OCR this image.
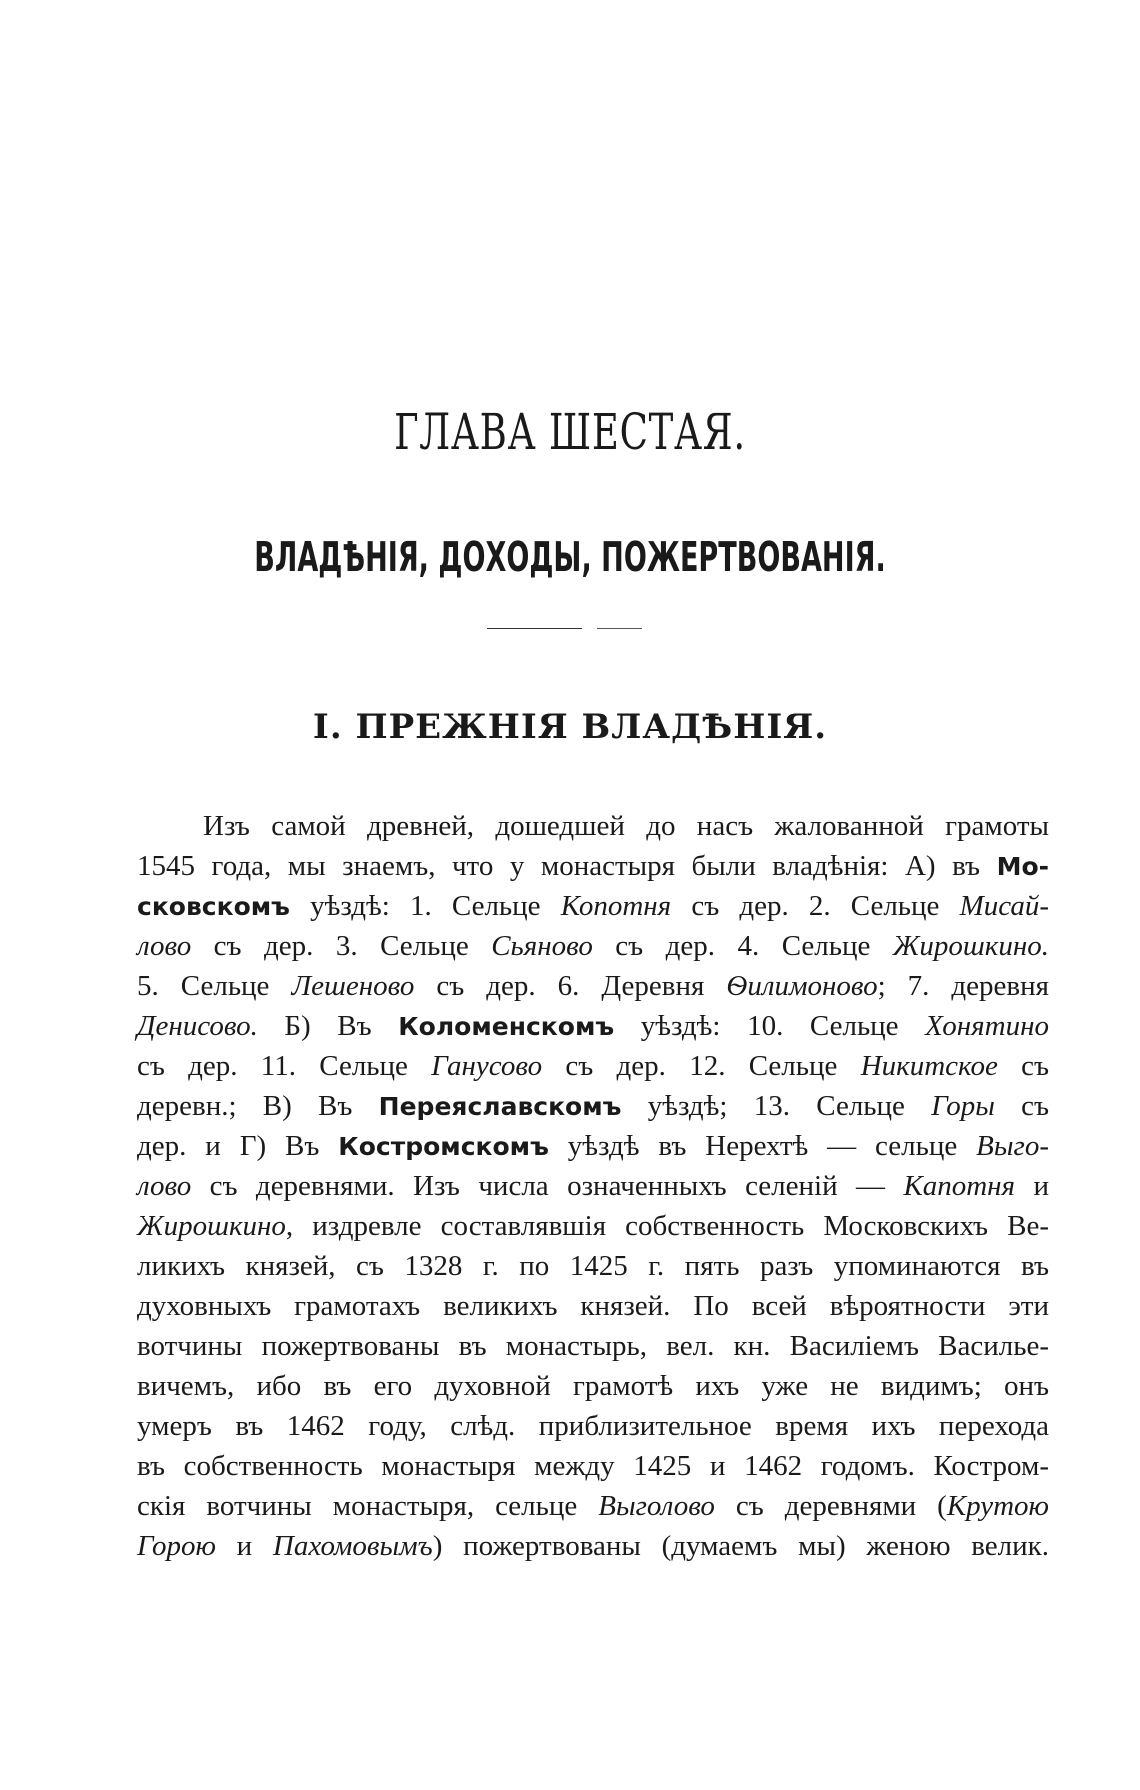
ГЛАВА ШЕСТАЯ.
ВЛАДѢНІЯ, ДОХОДЫ, ПОЖЕРТВОВАНІЯ.
I. ПРЕЖНІЯ ВЛАДѢНІЯ.
Изъ самой древней, дошедшей до насъ жалованной грамоты
1545 года, мы знаемъ, что у монастыря были владѣнія: А) въ Мо-
сковскомъ уѣздѣ: 1. Сельце Копотня съ дер. 2. Сельце Мисай-
лово съ дер. 3. Сельце Сьяново съ дер. 4. Сельце Жирошкино.
5. Сельце Лешеново съ дер. 6. Деревня Ѳилимоново; 7. деревня
Денисово. Б) Въ Коломенскомъ уѣздѣ: 10. Сельце Хонятино
съ дер. 11. Сельце Ганусово съ дер. 12. Сельце Никитское съ
деревн.; В) Въ Переяславскомъ уѣздѣ; 13. Сельце Горы съ
дер. и Г) Въ Костромскомъ уѣздѣ въ Нерехтѣ — сельце Выго-
лово съ деревнями. Изъ числа означенныхъ селеній — Капотня и
Жирошкино, издревле составлявшія собственность Московскихъ Ве-
ликихъ князей, съ 1328 г. по 1425 г. пять разъ упоминаются въ
духовныхъ грамотахъ великихъ князей. По всей вѣроятности эти
вотчины пожертвованы въ монастырь, вел. кн. Василіемъ Василье-
вичемъ, ибо въ его духовной грамотѣ ихъ уже не видимъ; онъ
умеръ въ 1462 году, слѣд. приблизительное время ихъ перехода
въ собственность монастыря между 1425 и 1462 годомъ. Костром-
скія вотчины монастыря, сельце Выголово съ деревнями (Крутою
Горою и Пахомовымъ) пожертвованы (думаемъ мы) женою велик.
